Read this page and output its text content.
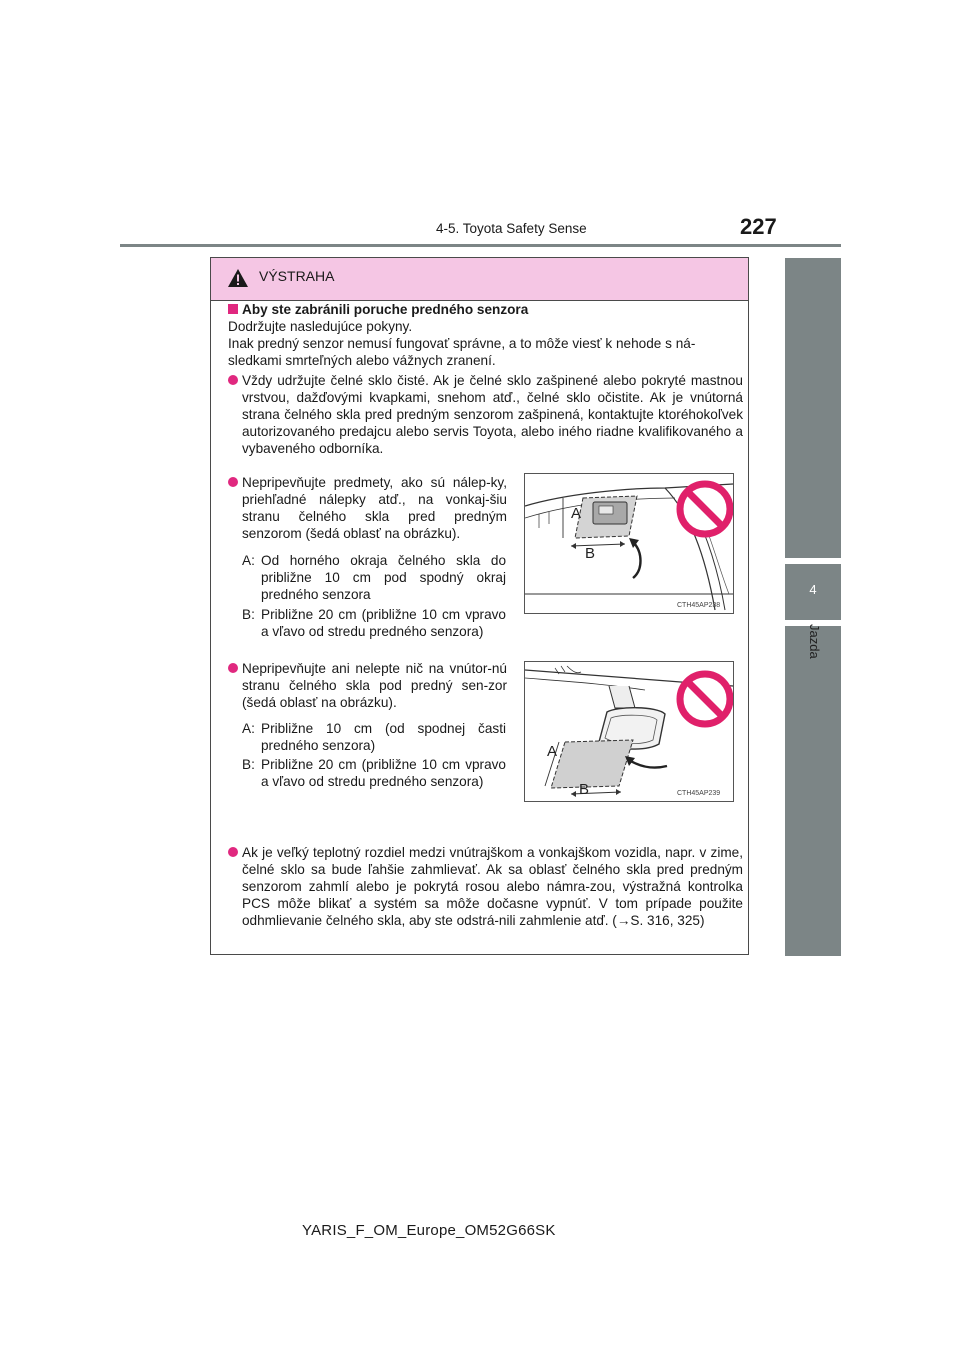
4-5. Toyota Safety Sense	227
4
Jazda
VÝSTRAHA
Aby ste zabránili poruche predného senzora
Dodržujte nasledujúce pokyny.
Inak predný senzor nemusí fungovať správne, a to môže viesť k nehode s ná-
sledkami smrteľných alebo vážnych zranení.
Vždy udržujte čelné sklo čisté. Ak je čelné sklo zašpinené alebo pokryté mastnou vrstvou, dažďovými kvapkami, snehom atď., čelné sklo očistite. Ak je vnútorná strana čelného skla pred predným senzorom zašpinená, kontaktujte ktoréhokoľvek autorizovaného predajcu alebo servis Toyota, alebo iného riadne kvalifikovaného a vybaveného odborníka.
Nepripevňujte predmety, ako sú nálep-ky, priehľadné nálepky atď., na vonkaj-šiu stranu čelného skla pred predným senzorom (šedá oblasť na obrázku).
A: Od horného okraja čelného skla do približne 10 cm pod spodný okraj predného senzora
B: Približne 20 cm (približne 10 cm vpravo a vľavo od stredu predného senzora)
Nepripevňujte ani nelepte nič na vnútor-nú stranu čelného skla pod predný sen-zor (šedá oblasť na obrázku).
A: Približne 10 cm (od spodnej časti predného senzora)
B: Približne 20 cm (približne 10 cm vpravo a vľavo od stredu predného senzora)
Ak je veľký teplotný rozdiel medzi vnútrajškom a vonkajškom vozidla, napr. v zime, čelné sklo sa bude ľahšie zahmlievať. Ak sa oblasť čelného skla pred predným senzorom zahmlí alebo je pokrytá rosou alebo námra-zou, výstražná kontrolka PCS môže blikať a systém sa môže dočasne vypnúť. V tom prípade použite odhmlievanie čelného skla, aby ste odstrá-nili zahmlenie atď. (→S. 316, 325)
A
B
CTH45AP238
A
B	CTH45AP239
YARIS_F_OM_Europe_OM52G66SK
